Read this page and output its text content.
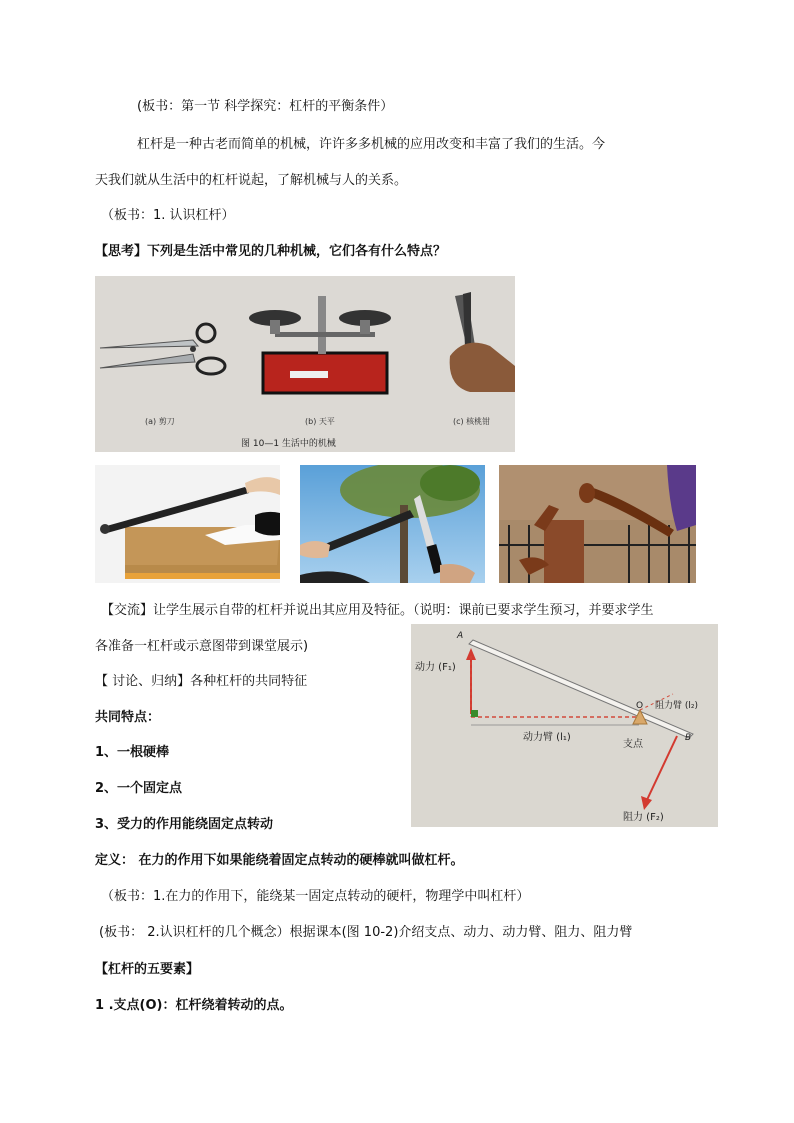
(板书：第一节 科学探究：杠杆的平衡条件）
杠杆是一种古老而简单的机械，许许多多机械的应用改变和丰富了我们的生活。今
天我们就从生活中的杠杆说起，了解机械与人的关系。
（板书：1. 认识杠杆）
【思考】下列是生活中常见的几种机械，它们各有什么特点？
(a) 剪刀	(b) 天平	(c) 核桃钳
图 10—1 生活中的机械
【交流】让学生展示自带的杠杆并说出其应用及特征。（说明：课前已要求学生预习，并要求学生
各准备一杠杆或示意图带到课堂展示)
【 讨论、归纳】各种杠杆的共同特征
共同特点：
1、一根硬棒
2、一个固定点
3、受力的作用能绕固定点转动
A
动力 (F₁)
O 阻力臂 (l₂)
动力臂 (l₁)
支点
B
阻力 (F₂)
定义： 在力的作用下如果能绕着固定点转动的硬棒就叫做杠杆。
（板书：1.在力的作用下，能绕某一固定点转动的硬杆，物理学中叫杠杆）
(板书： 2.认识杠杆的几个概念）根据课本(图 10-2)介绍支点、动力、动力臂、阻力、阻力臂
【杠杆的五要素】
1 .支点(O)：杠杆绕着转动的点。
